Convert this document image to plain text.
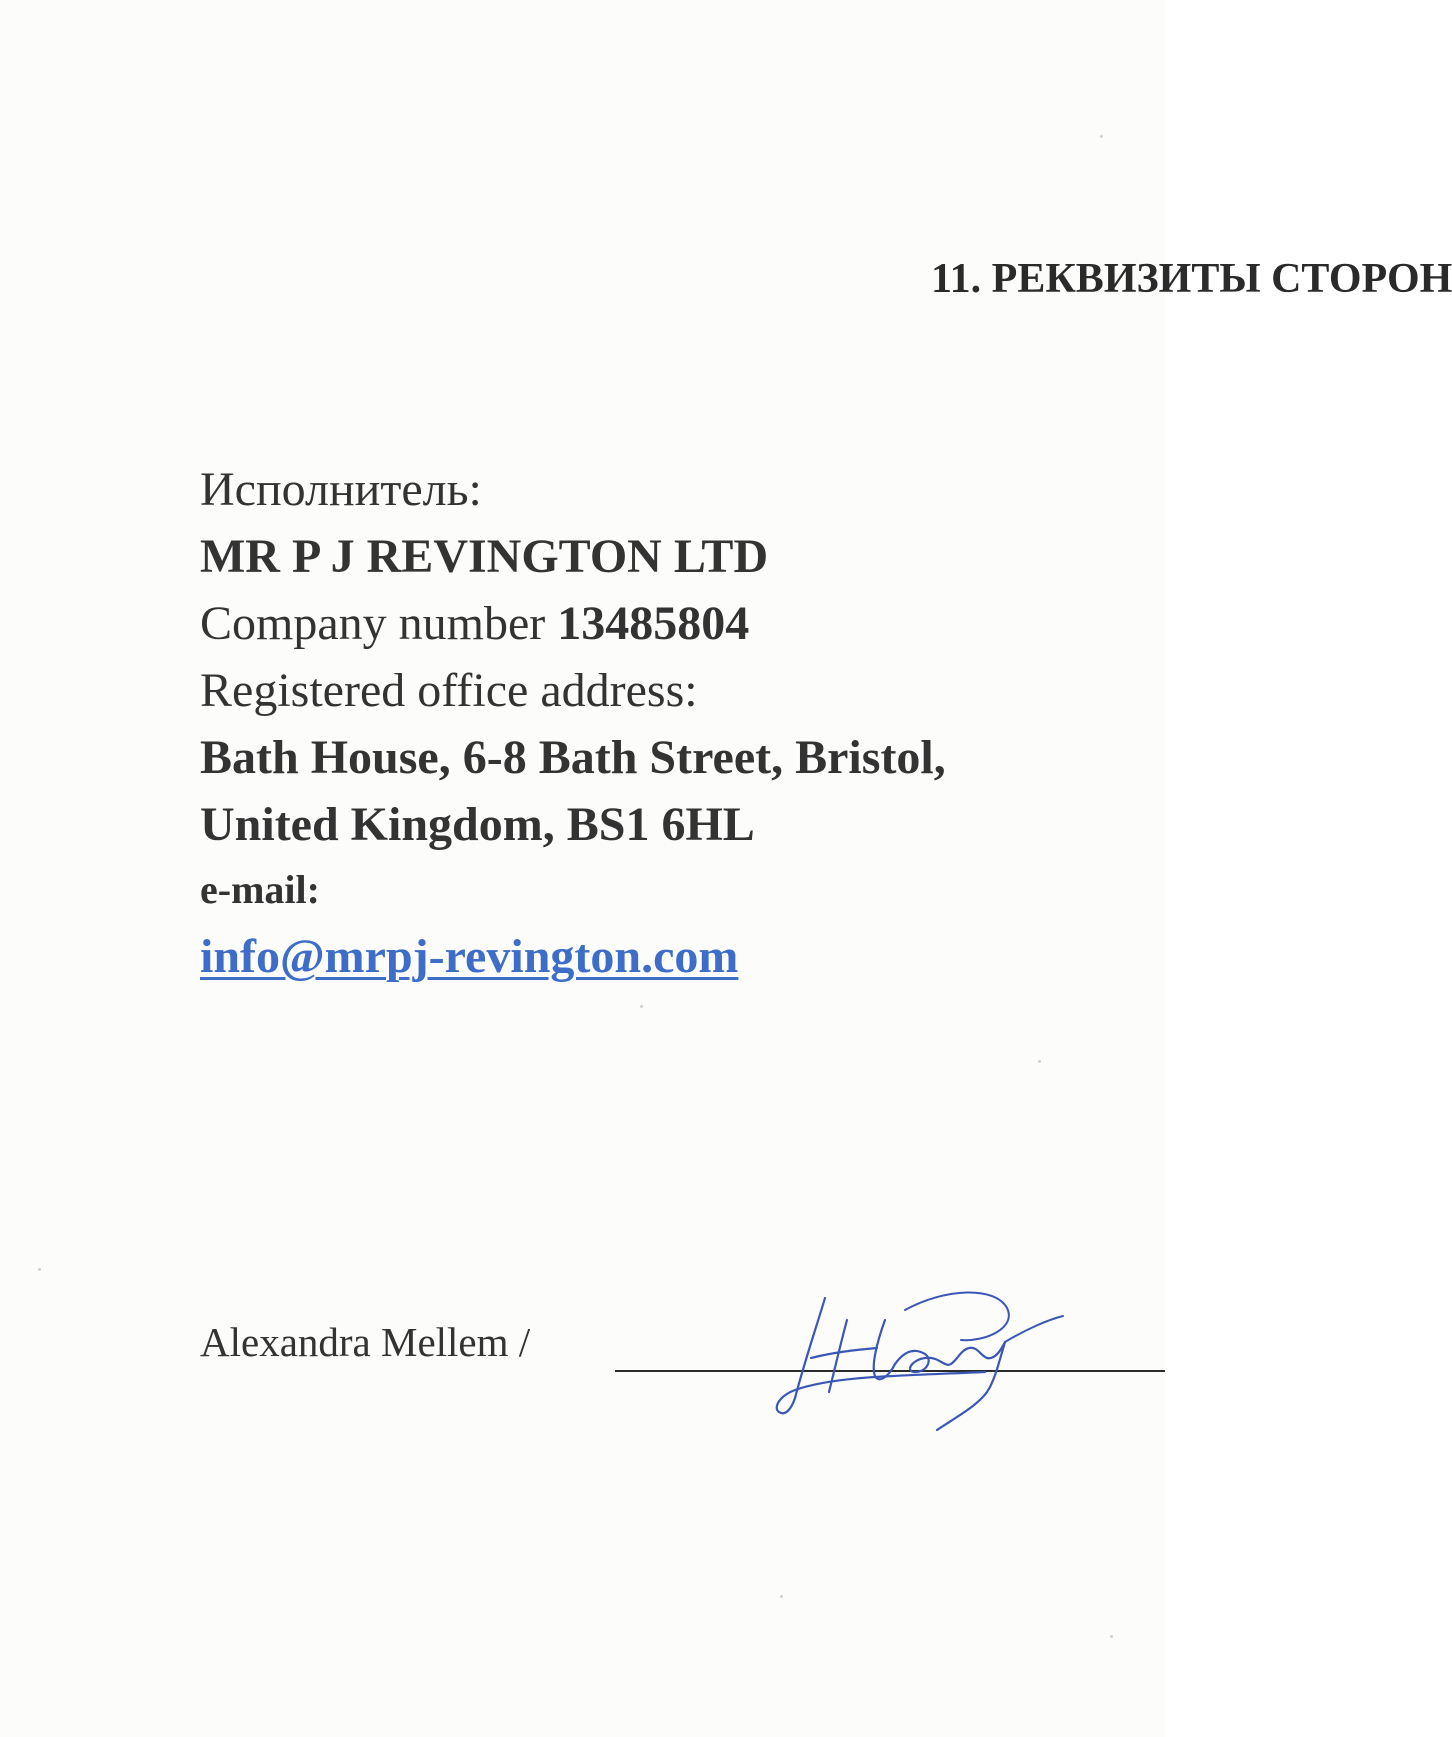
11. РЕКВИЗИТЫ СТОРОН
Исполнитель:
MR P J REVINGTON LTD
Company number 13485804
Registered office address:
Bath House, 6-8 Bath Street, Bristol,
United Kingdom, BS1 6HL
e-mail:
info@mrpj-revington.com
Alexandra Mellem /
